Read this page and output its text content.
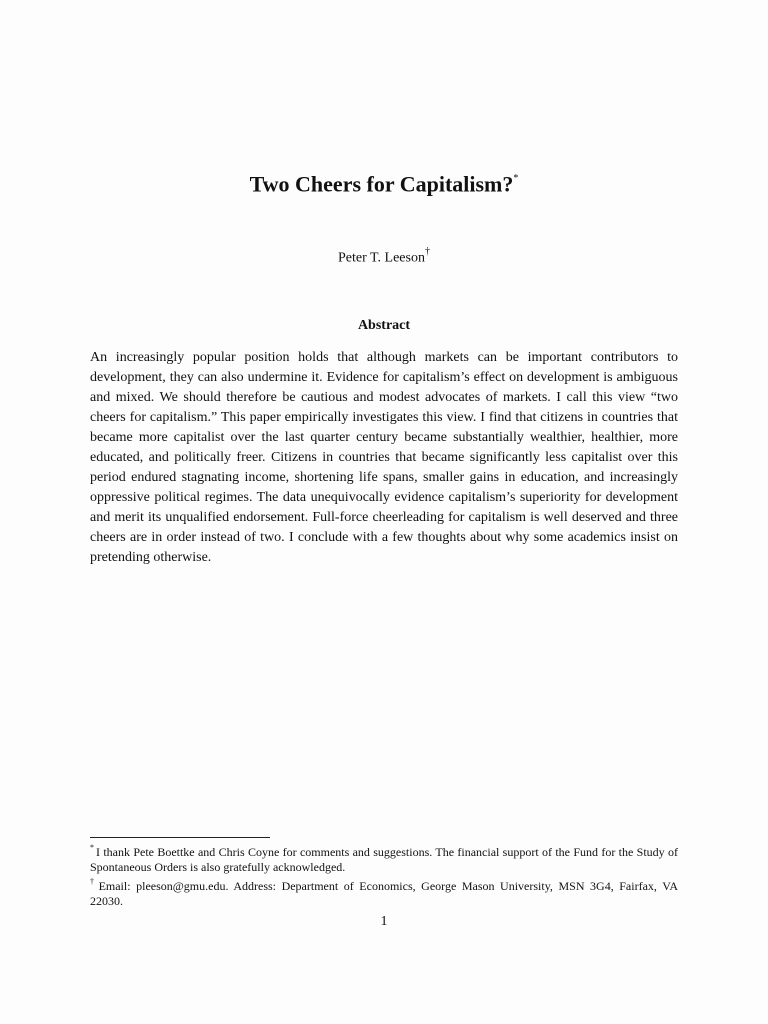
Two Cheers for Capitalism?*
Peter T. Leeson†
Abstract

An increasingly popular position holds that although markets can be important contributors to development, they can also undermine it. Evidence for capitalism’s effect on development is ambiguous and mixed. We should therefore be cautious and modest advocates of markets. I call this view “two cheers for capitalism.” This paper empirically investigates this view. I find that citizens in countries that became more capitalist over the last quarter century became substantially wealthier, healthier, more educated, and politically freer. Citizens in countries that became significantly less capitalist over this period endured stagnating income, shortening life spans, smaller gains in education, and increasingly oppressive political regimes. The data unequivocally evidence capitalism’s superiority for development and merit its unqualified endorsement. Full-force cheerleading for capitalism is well deserved and three cheers are in order instead of two. I conclude with a few thoughts about why some academics insist on pretending otherwise.

* I thank Pete Boettke and Chris Coyne for comments and suggestions. The financial support of the Fund for the Study of Spontaneous Orders is also gratefully acknowledged.

† Email: pleeson@gmu.edu. Address: Department of Economics, George Mason University, MSN 3G4, Fairfax, VA 22030.

1
